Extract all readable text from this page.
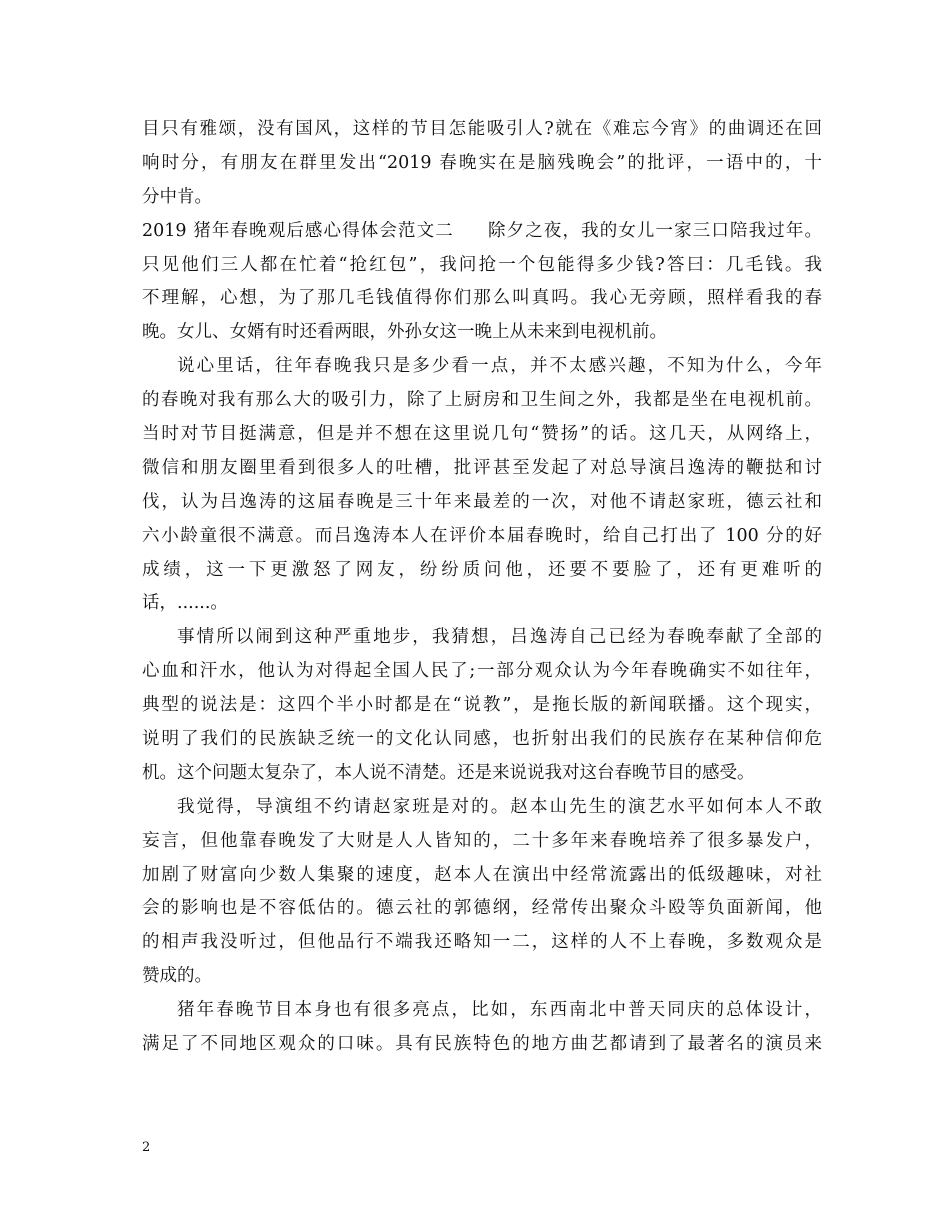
目只有雅颂，没有国风，这样的节目怎能吸引人?就在《难忘今宵》的曲调还在回
响时分，有朋友在群里发出“2019 春晚实在是脑残晚会”的批评，一语中的，十
分中肯。
2019 猪年春晚观后感心得体会范文二 除夕之夜，我的女儿一家三口陪我过年。
只见他们三人都在忙着“抢红包”，我问抢一个包能得多少钱?答曰：几毛钱。我
不理解，心想，为了那几毛钱值得你们那么叫真吗。我心无旁顾，照样看我的春
晚。女儿、女婿有时还看两眼，外孙女这一晚上从未来到电视机前。
说心里话，往年春晚我只是多少看一点，并不太感兴趣，不知为什么，今年
的春晚对我有那么大的吸引力，除了上厨房和卫生间之外，我都是坐在电视机前。
当时对节目挺满意，但是并不想在这里说几句“赞扬”的话。这几天，从网络上，
微信和朋友圈里看到很多人的吐槽，批评甚至发起了对总导演吕逸涛的鞭挞和讨
伐，认为吕逸涛的这届春晚是三十年来最差的一次，对他不请赵家班，德云社和
六小龄童很不满意。而吕逸涛本人在评价本届春晚时，给自己打出了 100 分的好
成绩，这一下更激怒了网友，纷纷质问他，还要不要脸了，还有更难听的
话，......。
事情所以闹到这种严重地步，我猜想，吕逸涛自己已经为春晚奉献了全部的
心血和汗水，他认为对得起全国人民了;一部分观众认为今年春晚确实不如往年，
典型的说法是：这四个半小时都是在“说教”，是拖长版的新闻联播。这个现实，
说明了我们的民族缺乏统一的文化认同感，也折射出我们的民族存在某种信仰危
机。这个问题太复杂了，本人说不清楚。还是来说说我对这台春晚节目的感受。
我觉得，导演组不约请赵家班是对的。赵本山先生的演艺水平如何本人不敢
妄言，但他靠春晚发了大财是人人皆知的，二十多年来春晚培养了很多暴发户，
加剧了财富向少数人集聚的速度，赵本人在演出中经常流露出的低级趣味，对社
会的影响也是不容低估的。德云社的郭德纲，经常传出聚众斗殴等负面新闻，他
的相声我没听过，但他品行不端我还略知一二，这样的人不上春晚，多数观众是
赞成的。
猪年春晚节目本身也有很多亮点，比如，东西南北中普天同庆的总体设计，
满足了不同地区观众的口味。具有民族特色的地方曲艺都请到了最著名的演员来
2
